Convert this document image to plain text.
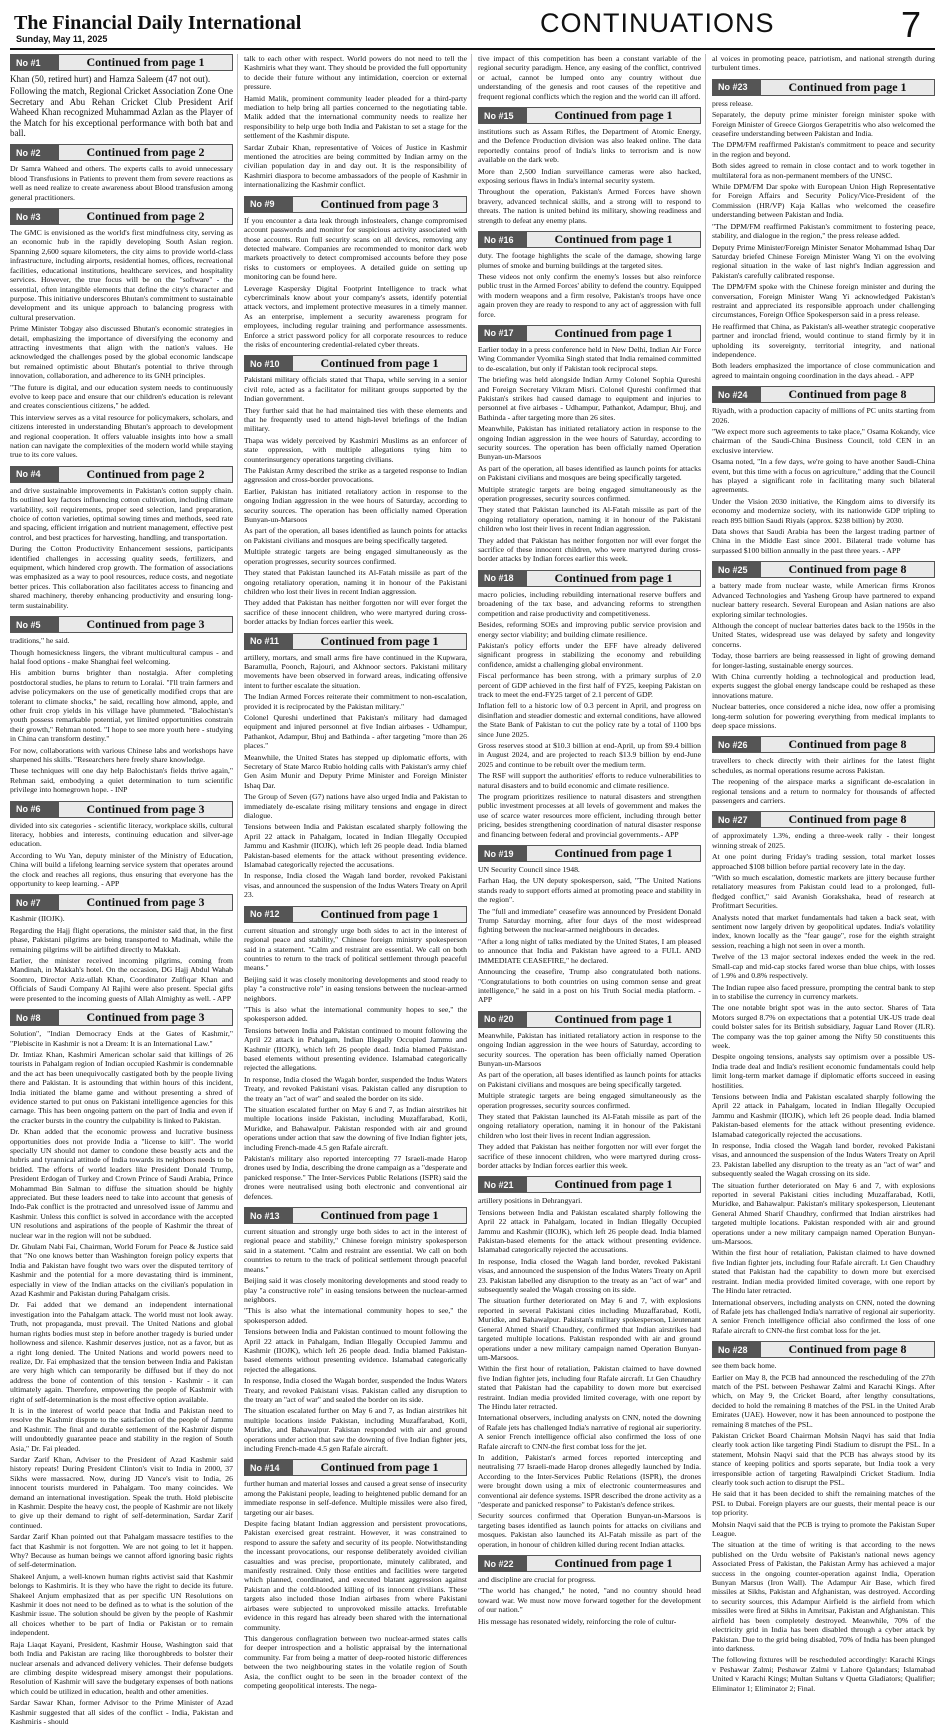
The Financial Daily International
Sunday, May 11, 2025
CONTINUATIONS	7
No #1	Continued from page 1

Khan (50, retired hurt) and Hamza Saleem (47 not out).

Following the match, Regional Cricket Association Zone One Secretary and Abu Rehan Cricket Club President Arif Waheed Khan recognized Muhammad Azlan as the Player of the Match for his exceptional performance with both bat and ball.

No #2	Continued from page 2

Dr Samra Waheed and others. The experts calls to avoid unnecessary blood Transfusions in Patients to prevent them from severe reactions as well as need realize to create awareness about Blood transfusion among general practitioners.

No #3	Continued from page 2

The GMC is envisioned as the world's first mindfulness city, serving as an economic hub in the rapidly developing South Asian region. Spanning 2,600 square kilometers, the city aims to provide world-class infrastructure, including airports, residential homes, offices, recreational facilities, educational institutions, healthcare services, and hospitality services. However, the true focus will be on the "software" - the essential, often intangible elements that define the city's character and purpose. This initiative underscores Bhutan's commitment to sustainable development and its unique approach to balancing progress with cultural preservation.

Prime Minister Tobgay also discussed Bhutan's economic strategies in detail, emphasizing the importance of diversifying the economy and attracting investments that align with the nation's values. He acknowledged the challenges posed by the global economic landscape but remained optimistic about Bhutan's potential to thrive through innovation, collaboration, and adherence to its GNH principles.

"The future is digital, and our education system needs to continuously evolve to keep pace and ensure that our children's education is relevant and creates conscientious citizens," he added.

This interview serves as a vital resource for policymakers, scholars, and citizens interested in understanding Bhutan's approach to development and regional cooperation. It offers valuable insights into how a small nation can navigate the complexities of the modern world while staying true to its core values.

No #4	Continued from page 2

and drive sustainable improvements in Pakistan's cotton supply chain. Its outlined key factors influencing cotton cultivation, including climate variability, soil requirements, proper seed selection, land preparation, choice of cotton varieties, optimal sowing times and methods, seed rate and spacing, efficient irrigation and nutrient management, effective pest control, and best practices for harvesting, handling, and transportation.

During the Cotton Productivity Enhancement sessions, participants identified challenges in accessing quality seeds, fertilizers, and equipment, which hindered crop growth. The formation of associations was emphasized as a way to pool resources, reduce costs, and negotiate better prices. This collaboration also facilitates access to financing and shared machinery, thereby enhancing productivity and ensuring long-term sustainability.

No #5	Continued from page 3

traditions," he said.

Though homesickness lingers, the vibrant multicultural campus - and halal food options - make Shanghai feel welcoming.

His ambition burns brighter than nostalgia. After completing postdoctoral studies, he plans to return to Loralai. "I'll train farmers and advise policymakers on the use of genetically modified crops that are tolerant to climate shocks," he said, recalling how almond, apple, and other fruit crop yields in his village have plummeted. "Balochistan's youth possess remarkable potential, yet limited opportunities constrain their growth," Rehman noted. "I hope to see more youth here - studying in China can transform destiny."

For now, collaborations with various Chinese labs and workshops have sharpened his skills. "Researchers here freely share knowledge.

These techniques will one day help Balochistan's fields thrive again," Rehman said, embodying a quiet determination to turn scientific privilege into homegrown hope. - INP

No #6	Continued from page 3

divided into six categories - scientific literacy, workplace skills, cultural literacy, hobbies and interests, continuing education and silver-age education.

According to Wu Yan, deputy minister of the Ministry of Education, China will build a lifelong learning service system that operates around the clock and reaches all regions, thus ensuring that everyone has the opportunity to keep learning. - APP

No #7	Continued from page 3

Kashmir (IIOJK).

Regarding the Hajj flight operations, the minister said that, in the first phase, Pakistani pilgrims are being transported to Madinah, while the remaining pilgrims will be airlifted directly to Makkah.

Earlier, the minister received incoming pilgrims, coming from Mandinah, in Makkah's hotel. On the occasion, DG Hajj Abdul Wahab Soomro, Director Aziz-ullah Khan, Coordinator Zulfiqar Khan and Officials of Saudi Company Al Rajihi were also present. Special gifts were presented to the incoming guests of Allah Almighty as well. - APP

No #8	Continued from page 3

Solution", "Indian Democracy Ends at the Gates of Kashmir," "Plebiscite in Kashmir is not a Dream: It is an International Law."

Dr. Imtiaz Khan, Kashmiri American scholar said that killings of 26 tourists in Pahalgam region of Indian occupied Kashmir is condemnable and the act has been unequivocally castigated both by the people living there and Pakistan. It is astounding that within hours of this incident, India initiated the blame game and without presenting a shred of evidence started to put onus on Pakistani intelligence agencies for this carnage. This has been ongoing pattern on the part of India and even if the cracker bursts in the country the culpability is linked to Pakistan.

Dr. Khan added that the economic prowess and lucrative business opportunities does not provide India a "license to kill". The world specially UN should not damer to condone these beastly acts and the hubris and tyrannical attitude of India towards its neighbors needs to be bridled. The efforts of world leaders like President Donald Trump, President Erdogan of Turkey and Crown Prince of Saudi Arabia, Prince Mohammad Bin Salman to diffuse the situation should be highly appreciated. But these leaders need to take into account that genesis of Indo-Pak conflict is the protracted and unresolved issue of Jammu and Kashmir. Unless this conflict is solved in accordance with the accepted UN resolutions and aspirations of the people of Kashmir the threat of nuclear war in the region will not be subdued.

Dr. Ghulam Nabi Fai, Chairman, World Forum for Peace & Justice said that "No one knows better than Washington foreign policy experts that India and Pakistan have fought two wars over the disputed territory of Kashmir and the potential for a more devastating third is imminent, especially in view of the Indian attacks on the civilian's population in Azad Kashmir and Pakistan during Pahalgam crisis.

Dr. Fai added that we demand an independent international investigation into the Pahalgam attack. The world must not look away. Truth, not propaganda, must prevail. The United Nations and global human rights bodies must step in before another tragedy is buried under hollowness and silence. Kashmir deserves justice, not as a favor, but as a right long denied. The United Nations and world powers need to realize, Dr. Fai emphasized that the tension between India and Pakistan are very high which can temporarily be diffused but if they do not address the bone of contention of this tension - Kashmir - it can ultimately again. Therefore, empowering the people of Kashmir with right of self-determination is the most effective option available.

It is in the interest of world peace that India and Pakistan need to resolve the Kashmir dispute to the satisfaction of the people of Jammu and Kashmir. The final and durable settlement of the Kashmir dispute will undoubtedly guarantee peace and stability in the region of South Asia," Dr. Fai pleaded.

Sardar Zarif Khan, Adviser to the President of Azad Kashmir said history repeats! During President Clinton's visit to India in 2000, 37 Sikhs were massacred. Now, during JD Vance's visit to India, 26 innocent tourists murdered in Pahalgam. Too many coincides. We demand an international investigation. Speak the truth. Hold plebiscite in Kashmir. Despite the heavy cost, the people of Kashmir are not likely to give up their demand to right of self-determination, Sardar Zarif continued.

Sardar Zarif Khan pointed out that Pahalgam massacre testifies to the fact that Kashmir is not forgotten. We are not going to let it happen. Why? Because as human beings we cannot afford ignoring basic rights of self-determination.

Shakeel Anjum, a well-known human rights activist said that Kashmir belongs to Kashmiris. It is they who have the right to decide its future. Shakeel Anjum emphasized that as per specific UN Resolutions on Kashmir it does not need to be defined as to what is the solution of the Kashmir issue. The solution should be given by the people of Kashmir all choices whether to be part of India or Pakistan or to remain independent.

Raja Liaqat Kayani, President, Kashmir House, Washington said that both India and Pakistan are racing like thoroughbreds to bolster their nuclear arsenals and advanced delivery vehicles. Their defense budgets are climbing despite widespread misery amongst their populations. Resolution of Kashmir will save the budgetary expenses of both nations which could be utilized in education, health and other amenities.

Sardar Sawar Khan, former Advisor to the Prime Minister of Azad Kashmir suggested that all sides of the conflict - India, Pakistan and Kashmiris - should

talk to each other with respect. World powers do not need to tell the Kashmiris what they want. They should be provided the full opportunity to decide their future without any intimidation, coercion or external pressure.

Hamid Malik, prominent community leader pleaded for a third-party mediation to help bring all parties concerned to the negotiating table. Malik added that the international community needs to realize her responsibility to help urge both India and Pakistan to set a stage for the settlement of the Kashmir dispute.

Sardar Zubair Khan, representative of Voices of Justice in Kashmir mentioned the atrocities are being committed by Indian army on the civilian population day in and day out. It is the responsibility of Kashmiri diaspora to become ambassadors of the people of Kashmir in internationalizing the Kashmir conflict.

No #9	Continued from page 3

If you encounter a data leak through infostealers, change compromised account passwords and monitor for suspicious activity associated with those accounts. Run full security scans on all devices, removing any detected malware. Companies are recommended to monitor dark web markets proactively to detect compromised accounts before they pose risks to customers or employees. A detailed guide on setting up monitoring can be found here.

Leverage Kaspersky Digital Footprint Intelligence to track what cybercriminals know about your company's assets, identify potential attack vectors, and implement protective measures in a timely manner. As an enterprise, implement a security awareness program for employees, including regular training and performance assessments. Enforce a strict password policy for all corporate resources to reduce the risks of encountering credential-related cyber threats.

No #10	Continued from page 1

Pakistani military officials stated that Thapa, while serving in a senior civil role, acted as a facilitator for militant groups supported by the Indian government.

They further said that he had maintained ties with these elements and that he frequently used to attend high-level briefings of the Indian military.

Thapa was widely perceived by Kashmiri Muslims as an enforcer of state oppression, with multiple allegations tying him to counterinsurgency operations targeting civilians.

The Pakistan Army described the strike as a targeted response to Indian aggression and cross-border provocations.

Earlier, Pakistan has initiated retaliatory action in response to the ongoing Indian aggression in the wee hours of Saturday, according to security sources. The operation has been officially named Operation Bunyan-un-Marsoos

As part of the operation, all bases identified as launch points for attacks on Pakistani civilians and mosques are being specifically targeted.

Multiple strategic targets are being engaged simultaneously as the operation progresses, security sources confirmed.

They stated that Pakistan launched its Al-Fatah missile as part of the ongoing retaliatory operation, naming it in honour of the Pakistani children who lost their lives in recent Indian aggression.

They added that Pakistan has neither forgotten nor will ever forget the sacrifice of these innocent children, who were martyred during cross-border attacks by Indian forces earlier this week.

No #11	Continued from page 1

artillery, mortars, and small arms fire have continued in the Kupwara, Baramulla, Poonch, Rajouri, and Akhnoor sectors. Pakistani military movements have been observed in forward areas, indicating offensive intent to further escalate the situation.

The Indian Armed Forces reiterate their commitment to non-escalation, provided it is reciprocated by the Pakistan military."

Colonel Qureshi underlined that Pakistan's military had damaged equipment and injured personnel at five Indian airbases - Udhampur, Pathankot, Adampur, Bhuj and Bathinda - after targeting "more than 26 places."

Meanwhile, the United States has stepped up diplomatic efforts, with Secretary of State Marco Rubio holding calls with Pakistan's army chief Gen Asim Munir and Deputy Prime Minister and Foreign Minister Ishaq Dar.

The Group of Seven (G7) nations have also urged India and Pakistan to immediately de-escalate rising military tensions and engage in direct dialogue.

Tensions between India and Pakistan escalated sharply following the April 22 attack in Pahalgam, located in Indian Illegally Occupied Jammu and Kashmir (IIOJK), which left 26 people dead. India blamed Pakistan-based elements for the attack without presenting evidence. Islamabad categorically rejected the accusations.

In response, India closed the Wagah land border, revoked Pakistani visas, and announced the suspension of the Indus Waters Treaty on April 23.

No #12	Continued from page 1

current situation and strongly urge both sides to act in the interest of regional peace and stability," Chinese foreign ministry spokesperson said in a statement. "Calm and restraint are essential. We call on both countries to return to the track of political settlement through peaceful means."

Beijing said it was closely monitoring developments and stood ready to play "a constructive role" in easing tensions between the nuclear-armed neighbors.

"This is also what the international community hopes to see," the spokesperson added.

Tensions between India and Pakistan continued to mount following the April 22 attack in Pahalgam, Indian Illegally Occupied Jammu and Kashmir (IIOJK), which left 26 people dead. India blamed Pakistan-based elements without presenting evidence. Islamabad categorically rejected the allegations.

In response, India closed the Wagah border, suspended the Indus Waters Treaty, and revoked Pakistani visas. Pakistan called any disruption to the treaty an "act of war" and sealed the border on its side.

The situation escalated further on May 6 and 7, as Indian airstrikes hit multiple locations inside Pakistan, including Muzaffarabad, Kotli, Muridke, and Bahawalpur. Pakistan responded with air and ground operations under action that saw the downing of five Indian fighter jets, including French-made 4.5 gen Rafale aircraft.

Pakistan's military also reported intercepting 77 Israeli-made Harop drones used by India, describing the drone campaign as a "desperate and panicked response." The Inter-Services Public Relations (ISPR) said the drones were neutralised using both electronic and conventional air defences.

No #13	Continued from page 1

current situation and strongly urge both sides to act in the interest of regional peace and stability," Chinese foreign ministry spokesperson said in a statement. "Calm and restraint are essential. We call on both countries to return to the track of political settlement through peaceful means."

Beijing said it was closely monitoring developments and stood ready to play "a constructive role" in easing tensions between the nuclear-armed neighbors.

"This is also what the international community hopes to see," the spokesperson added.

Tensions between India and Pakistan continued to mount following the April 22 attack in Pahalgam, Indian Illegally Occupied Jammu and Kashmir (IIOJK), which left 26 people dead. India blamed Pakistan-based elements without presenting evidence. Islamabad categorically rejected the allegations.

In response, India closed the Wagah border, suspended the Indus Waters Treaty, and revoked Pakistani visas. Pakistan called any disruption to the treaty an "act of war" and sealed the border on its side.

The situation escalated further on May 6 and 7, as Indian airstrikes hit multiple locations inside Pakistan, including Muzaffarabad, Kotli, Muridke, and Bahawalpur. Pakistan responded with air and ground operations under action that saw the downing of five Indian fighter jets, including French-made 4.5 gen Rafale aircraft.

No #14	Continued from page 1

further human and material losses and caused a great sense of insecurity among the Pakistani people, leading to heightened public demand for an immediate response in self-defence. Multiple missiles were also fired, targeting our air bases.

Despite facing blatant Indian aggression and persistent provocations, Pakistan exercised great restraint. However, it was constrained to respond to assure the safety and security of its people. Notwithstanding the incessant provocations, our response deliberately avoided civilian casualties and was precise, proportionate, minutely calibrated, and manifestly restrained. Only those entities and facilities were targeted which planned, coordinated, and executed blatant aggression against Pakistan and the cold-blooded killing of its innocent civilians. These targets also included those Indian airbases from where Pakistani airbases were subjected to unprovoked missile attacks. Irrefutable evidence in this regard has already been shared with the international community.

This dangerous conflagration between two nuclear-armed states calls for deeper introspection and a holistic appraisal by the international community. Far from being a matter of deep-rooted historic differences between the two neighbouring states in the volatile region of South Asia, the conflict ought to be seen in the broader context of the competing geopolitical interests. The nega-

tive impact of this competition has been a constant variable of the regional security paradigm. Hence, any easing of the conflict, contrived or actual, cannot be lumped onto any country without due understanding of the genesis and root causes of the repetitive and frequent regional conflicts which the region and the world can ill afford.

No #15	Continued from page 1

institutions such as Assam Rifles, the Department of Atomic Energy, and the Defence Production division was also leaked online. The data reportedly contains proof of India's links to terrorism and is now available on the dark web.

More than 2,500 Indian surveillance cameras were also hacked, exposing serious flaws in India's internal security system.

Throughout the operation, Pakistan's Armed Forces have shown bravery, advanced technical skills, and a strong will to respond to threats. The nation is united behind its military, showing readiness and strength to defeat any enemy plans.

No #16	Continued from page 1

duty. The footage highlights the scale of the damage, showing large plumes of smoke and burning buildings at the targeted sites.

These videos not only confirm the enemy's losses but also reinforce public trust in the Armed Forces' ability to defend the country. Equipped with modern weapons and a firm resolve, Pakistan's troops have once again proven they are ready to respond to any act of aggression with full force.

No #17	Continued from page 1

Earlier today in a press conference held in New Delhi, Indian Air Force Wing Commander Vyomika Singh stated that India remained committed to de-escalation, but only if Pakistan took reciprocal steps.

The briefing was held alongside Indian Army Colonel Sophia Qureshi and Foreign Secretary Vikram Misri. Colonel Qureshi confirmed that Pakistan's strikes had caused damage to equipment and injuries to personnel at five airbases - Udhampur, Pathankot, Adampur, Bhuj, and Bathinda - after targeting more than 26 sites.

Meanwhile, Pakistan has initiated retaliatory action in response to the ongoing Indian aggression in the wee hours of Saturday, according to security sources. The operation has been officially named Operation Bunyan-un-Marsoos

As part of the operation, all bases identified as launch points for attacks on Pakistani civilians and mosques are being specifically targeted.

Multiple strategic targets are being engaged simultaneously as the operation progresses, security sources confirmed.

They stated that Pakistan launched its Al-Fatah missile as part of the ongoing retaliatory operation, naming it in honour of the Pakistani children who lost their lives in recent Indian aggression.

They added that Pakistan has neither forgotten nor will ever forget the sacrifice of these innocent children, who were martyred during cross-border attacks by Indian forces earlier this week.

No #18	Continued from page 1

macro policies, including rebuilding international reserve buffers and broadening of the tax base, and advancing reforms to strengthen competition and raise productivity and competitiveness.

Besides, reforming SOEs and improving public service provision and energy sector viability; and building climate resilience.

Pakistan's policy efforts under the EFF have already delivered significant progress in stabilizing the economy and rebuilding confidence, amidst a challenging global environment.

Fiscal performance has been strong, with a primary surplus of 2.0 percent of GDP achieved in the first half of FY25, keeping Pakistan on track to meet the end-FY25 target of 2.1 percent of GDP.

Inflation fell to a historic low of 0.3 percent in April, and progress on disinflation and steadier domestic and external conditions, have allowed the State Bank of Pakistan to cut the policy rate by a total of 1100 bps since June 2025.

Gross reserves stood at $10.3 billion at end-April, up from $9.4 billion in August 2024, and are projected to reach $13.9 billion by end-June 2025 and continue to be rebuilt over the medium term.

The RSF will support the authorities' efforts to reduce vulnerabilities to natural disasters and to build economic and climate resilience.

The program prioritizes resilience to natural disasters and strengthen public investment processes at all levels of government and makes the use of scarce water resources more efficient, including through better pricing, besides strengthening coordination of natural disaster response and financing between federal and provincial governments.- APP

No #19	Continued from page 1

UN Security Council since 1948.

Farhan Haq, the UN deputy spokesperson, said, "The United Nations stands ready to support efforts aimed at promoting peace and stability in the region".

The "full and immediate" ceasefire was announced by President Donald Trump Saturday morning, after four days of the most widespread fighting between the nuclear-armed neighbours in decades.

"After a long night of talks mediated by the United States, I am pleased to announce that India and Pakistan have agreed to a FULL AND IMMEDIATE CEASEFIRE," he declared.

Announcing the ceasefire, Trump also congratulated both nations. "Congratulations to both countries on using common sense and great intelligence," he said in a post on his Truth Social media platform. - APP

No #20	Continued from page 1

Meanwhile, Pakistan has initiated retaliatory action in response to the ongoing Indian aggression in the wee hours of Saturday, according to security sources. The operation has been officially named Operation Bunyan-un-Marsoos

As part of the operation, all bases identified as launch points for attacks on Pakistani civilians and mosques are being specifically targeted.

Multiple strategic targets are being engaged simultaneously as the operation progresses, security sources confirmed.

They stated that Pakistan launched its Al-Fatah missile as part of the ongoing retaliatory operation, naming it in honour of the Pakistani children who lost their lives in recent Indian aggression.

They added that Pakistan has neither forgotten nor will ever forget the sacrifice of these innocent children, who were martyred during cross-border attacks by Indian forces earlier this week.

No #21	Continued from page 1

artillery positions in Dehrangyari.

Tensions between India and Pakistan escalated sharply following the April 22 attack in Pahalgam, located in Indian Illegally Occupied Jammu and Kashmir (IIOJK), which left 26 people dead. India blamed Pakistan-based elements for the attack without presenting evidence. Islamabad categorically rejected the accusations.

In response, India closed the Wagah land border, revoked Pakistani visas, and announced the suspension of the Indus Waters Treaty on April 23. Pakistan labelled any disruption to the treaty as an "act of war" and subsequently sealed the Wagah crossing on its side.

The situation further deteriorated on May 6 and 7, with explosions reported in several Pakistani cities including Muzaffarabad, Kotli, Muridke, and Bahawalpur. Pakistan's military spokesperson, Lieutenant General Ahmed Sharif Chaudhry, confirmed that Indian airstrikes had targeted multiple locations. Pakistan responded with air and ground operations under a new military campaign named Operation Bunyan-um-Marsoos.

Within the first hour of retaliation, Pakistan claimed to have downed five Indian fighter jets, including four Rafale aircraft. Lt Gen Chaudhry stated that Pakistan had the capability to down more but exercised restraint. Indian media provided limited coverage, with one report by The Hindu later retracted.

International observers, including analysts on CNN, noted the downing of Rafale jets has challenged India's narrative of regional air superiority. A senior French intelligence official also confirmed the loss of one Rafale aircraft to CNN-the first combat loss for the jet.

In addition, Pakistan's armed forces reported intercepting and neutralising 77 Israeli-made Harop drones allegedly launched by India. According to the Inter-Services Public Relations (ISPR), the drones were brought down using a mix of electronic countermeasures and conventional air defence systems. ISPR described the drone activity as a "desperate and panicked response" to Pakistan's defence strikes.

Security sources confirmed that Operation Bunyan-un-Marsoos is targeting bases identified as launch points for attacks on civilians and mosques. Pakistan also launched its Al-Fatah missile as part of the operation, in honour of children killed during recent Indian attacks.

No #22	Continued from page 1

and discipline are crucial for progress.

"The world has changed," he noted, "and no country should head toward war. We must now move forward together for the development of our nation."

His message has resonated widely, reinforcing the role of cultur-

al voices in promoting peace, patriotism, and national strength during turbulent times.

No #23	Continued from page 1

press release.

Separately, the deputy prime minister foreign minister spoke with Foreign Minister of Greece Giorgos Gerapetritis who also welcomed the ceasefire understanding between Pakistan and India.

The DPM/FM reaffirmed Pakistan's commitment to peace and security in the region and beyond.

Both sides agreed to remain in close contact and to work together in multilateral fora as non-permanent members of the UNSC.

While DPM/FM Dar spoke with European Union High Representative for Foreign Affairs and Security Policy/Vice-President of the Commission (HR/VP) Kaja Kallas who welcomed the ceasefire understanding between Pakistan and India.

"The DPM/FM reaffirmed Pakistan's commitment to fostering peace, stability, and dialogue in the region," the press release added.

Deputy Prime Minister/Foreign Minister Senator Mohammad Ishaq Dar Saturday briefed Chinese Foreign Minister Wang Yi on the evolving regional situation in the wake of last night's Indian aggression and Pakistan's carefully calibrated response.

The DPM/FM spoke with the Chinese foreign minister and during the conversation, Foreign Minister Wang Yi acknowledged Pakistan's restraint and appreciated its responsible approach under challenging circumstances, Foreign Office Spokesperson said in a press release.

He reaffirmed that China, as Pakistan's all-weather strategic cooperative partner and ironclad friend, would continue to stand firmly by it in upholding its sovereignty, territorial integrity, and national independence.

Both leaders emphasized the importance of close communication and agreed to maintain ongoing coordination in the days ahead. - APP

No #24	Continued from page 8

Riyadh, with a production capacity of millions of PC units starting from 2026.

"We expect more such agreements to take place," Osama Kokandy, vice chairman of the Saudi-China Business Council, told CEN in an exclusive interview.

Osama noted, "In a few days, we're going to have another Saudi-China event, but this time with a focus on agriculture," adding that the Council has played a significant role in facilitating many such bilateral agreements.

Under the Vision 2030 initiative, the Kingdom aims to diversify its economy and modernize society, with its nationwide GDP tripling to reach 895 billion Saudi Riyals (approx. $238 billion) by 2030.

Data shows that Saudi Arabia has been the largest trading partner of China in the Middle East since 2001. Bilateral trade volume has surpassed $100 billion annually in the past three years. - APP

No #25	Continued from page 8

a battery made from nuclear waste, while American firms Kronos Advanced Technologies and Yasheng Group have partnered to expand nuclear battery research. Several European and Asian nations are also exploring similar technologies.

Although the concept of nuclear batteries dates back to the 1950s in the United States, widespread use was delayed by safety and longevity concerns.

Today, those barriers are being reassessed in light of growing demand for longer-lasting, sustainable energy sources.

With China currently holding a technological and production lead, experts suggest the global energy landscape could be reshaped as these innovations mature.

Nuclear batteries, once considered a niche idea, now offer a promising long-term solution for powering everything from medical implants to deep space missions.

No #26	Continued from page 8

travellers to check directly with their airlines for the latest flight schedules, as normal operations resume across Pakistan.

The reopening of the airspace marks a significant de-escalation in regional tensions and a return to normalcy for thousands of affected passengers and carriers.

No #27	Continued from page 8

of approximately 1.3%, ending a three-week rally - their longest winning streak of 2025.

At one point during Friday's trading session, total market losses approached $108 billion before partial recovery late in the day.

"With so much escalation, domestic markets are jittery because further retaliatory measures from Pakistan could lead to a prolonged, full-fledged conflict," said Avanish Gorakshaka, head of research at Profitmart Securities.

Analysts noted that market fundamentals had taken a back seat, with sentiment now largely driven by geopolitical updates. India's volatility index, known locally as the "fear gauge", rose for the eighth straight session, reaching a high not seen in over a month.

Twelve of the 13 major sectoral indexes ended the week in the red. Small-cap and mid-cap stocks fared worse than blue chips, with losses of 1.9% and 0.8% respectively.

The Indian rupee also faced pressure, prompting the central bank to step in to stabilise the currency in currency markets.

The one notable bright spot was in the auto sector. Shares of Tata Motors surged 8.7% on expectations that a potential UK-US trade deal could bolster sales for its British subsidiary, Jaguar Land Rover (JLR). The company was the top gainer among the Nifty 50 constituents this week.

Despite ongoing tensions, analysts say optimism over a possible US-India trade deal and India's resilient economic fundamentals could help limit long-term market damage if diplomatic efforts succeed in easing hostilities.

Tensions between India and Pakistan escalated sharply following the April 22 attack in Pahalgam, located in Indian Illegally Occupied Jammu and Kashmir (IIOJK), which left 26 people dead. India blamed Pakistan-based elements for the attack without presenting evidence. Islamabad categorically rejected the accusations.

In response, India closed the Wagah land border, revoked Pakistani visas, and announced the suspension of the Indus Waters Treaty on April 23. Pakistan labelled any disruption to the treaty as an "act of war" and subsequently sealed the Wagah crossing on its side.

The situation further deteriorated on May 6 and 7, with explosions reported in several Pakistani cities including Muzaffarabad, Kotli, Muridke, and Bahawalpur. Pakistan's military spokesperson, Lieutenant General Ahmed Sharif Chaudhry, confirmed that Indian airstrikes had targeted multiple locations. Pakistan responded with air and ground operations under a new military campaign named Operation Bunyan-um-Marsoos.

Within the first hour of retaliation, Pakistan claimed to have downed five Indian fighter jets, including four Rafale aircraft. Lt Gen Chaudhry stated that Pakistan had the capability to down more but exercised restraint. Indian media provided limited coverage, with one report by The Hindu later retracted.

International observers, including analysts on CNN, noted the downing of Rafale jets has challenged India's narrative of regional air superiority. A senior French intelligence official also confirmed the loss of one Rafale aircraft to CNN-the first combat loss for the jet.

No #28	Continued from page 8

see them back home.

Earlier on May 8, the PCB had announced the rescheduling of the 27th match of the PSL between Peshawar Zalmi and Karachi Kings. After which, on May 9, the Cricket Board, after lengthy consultations, decided to hold the remaining 8 matches of the PSL in the United Arab Emirates (UAE). However, now it has been announced to postpone the remaining 8 matches of the PSL.

Pakistan Cricket Board Chairman Mohsin Naqvi has said that India clearly took action like targeting Pindi Stadium to disrupt the PSL. In a statement, Mohsin Naqvi said that the PCB has always stood by its stance of keeping politics and sports separate, but India took a very irresponsible action of targeting Rawalpindi Cricket Stadium. India clearly took such action to disrupt the PSL.

He said that it has been decided to shift the remaining matches of the PSL to Dubai. Foreign players are our guests, their mental peace is our top priority.

Mohsin Naqvi said that the PCB is trying to promote the Pakistan Super League.

The situation at the time of writing is that according to the news published on the Urdu website of Pakistan's national news agency Associated Press of Pakistan, the Pakistan Army has achieved a major success in the ongoing counter-operation against India, Operation Bunyan Marsus (Iron Wall). The Adampur Air Base, which fired missiles at Sikhs, Pakistan and Afghanistan, was destroyed. According to security sources, this Adampur Airfield is the airfield from which missiles were fired at Sikhs in Amritsar, Pakistan and Afghanistan. This airfield has been completely destroyed. Meanwhile, 70% of the electricity grid in India has been disabled through a cyber attack by Pakistan. Due to the grid being disabled, 70% of India has been plunged into darkness.

The following fixtures will be rescheduled accordingly: Karachi Kings v Peshawar Zalmi; Peshawar Zalmi v Lahore Qalandars; Islamabad United v Karachi Kings; Multan Sultans v Quetta Gladiators; Qualifier; Eliminator 1; Eliminator 2; Final.
